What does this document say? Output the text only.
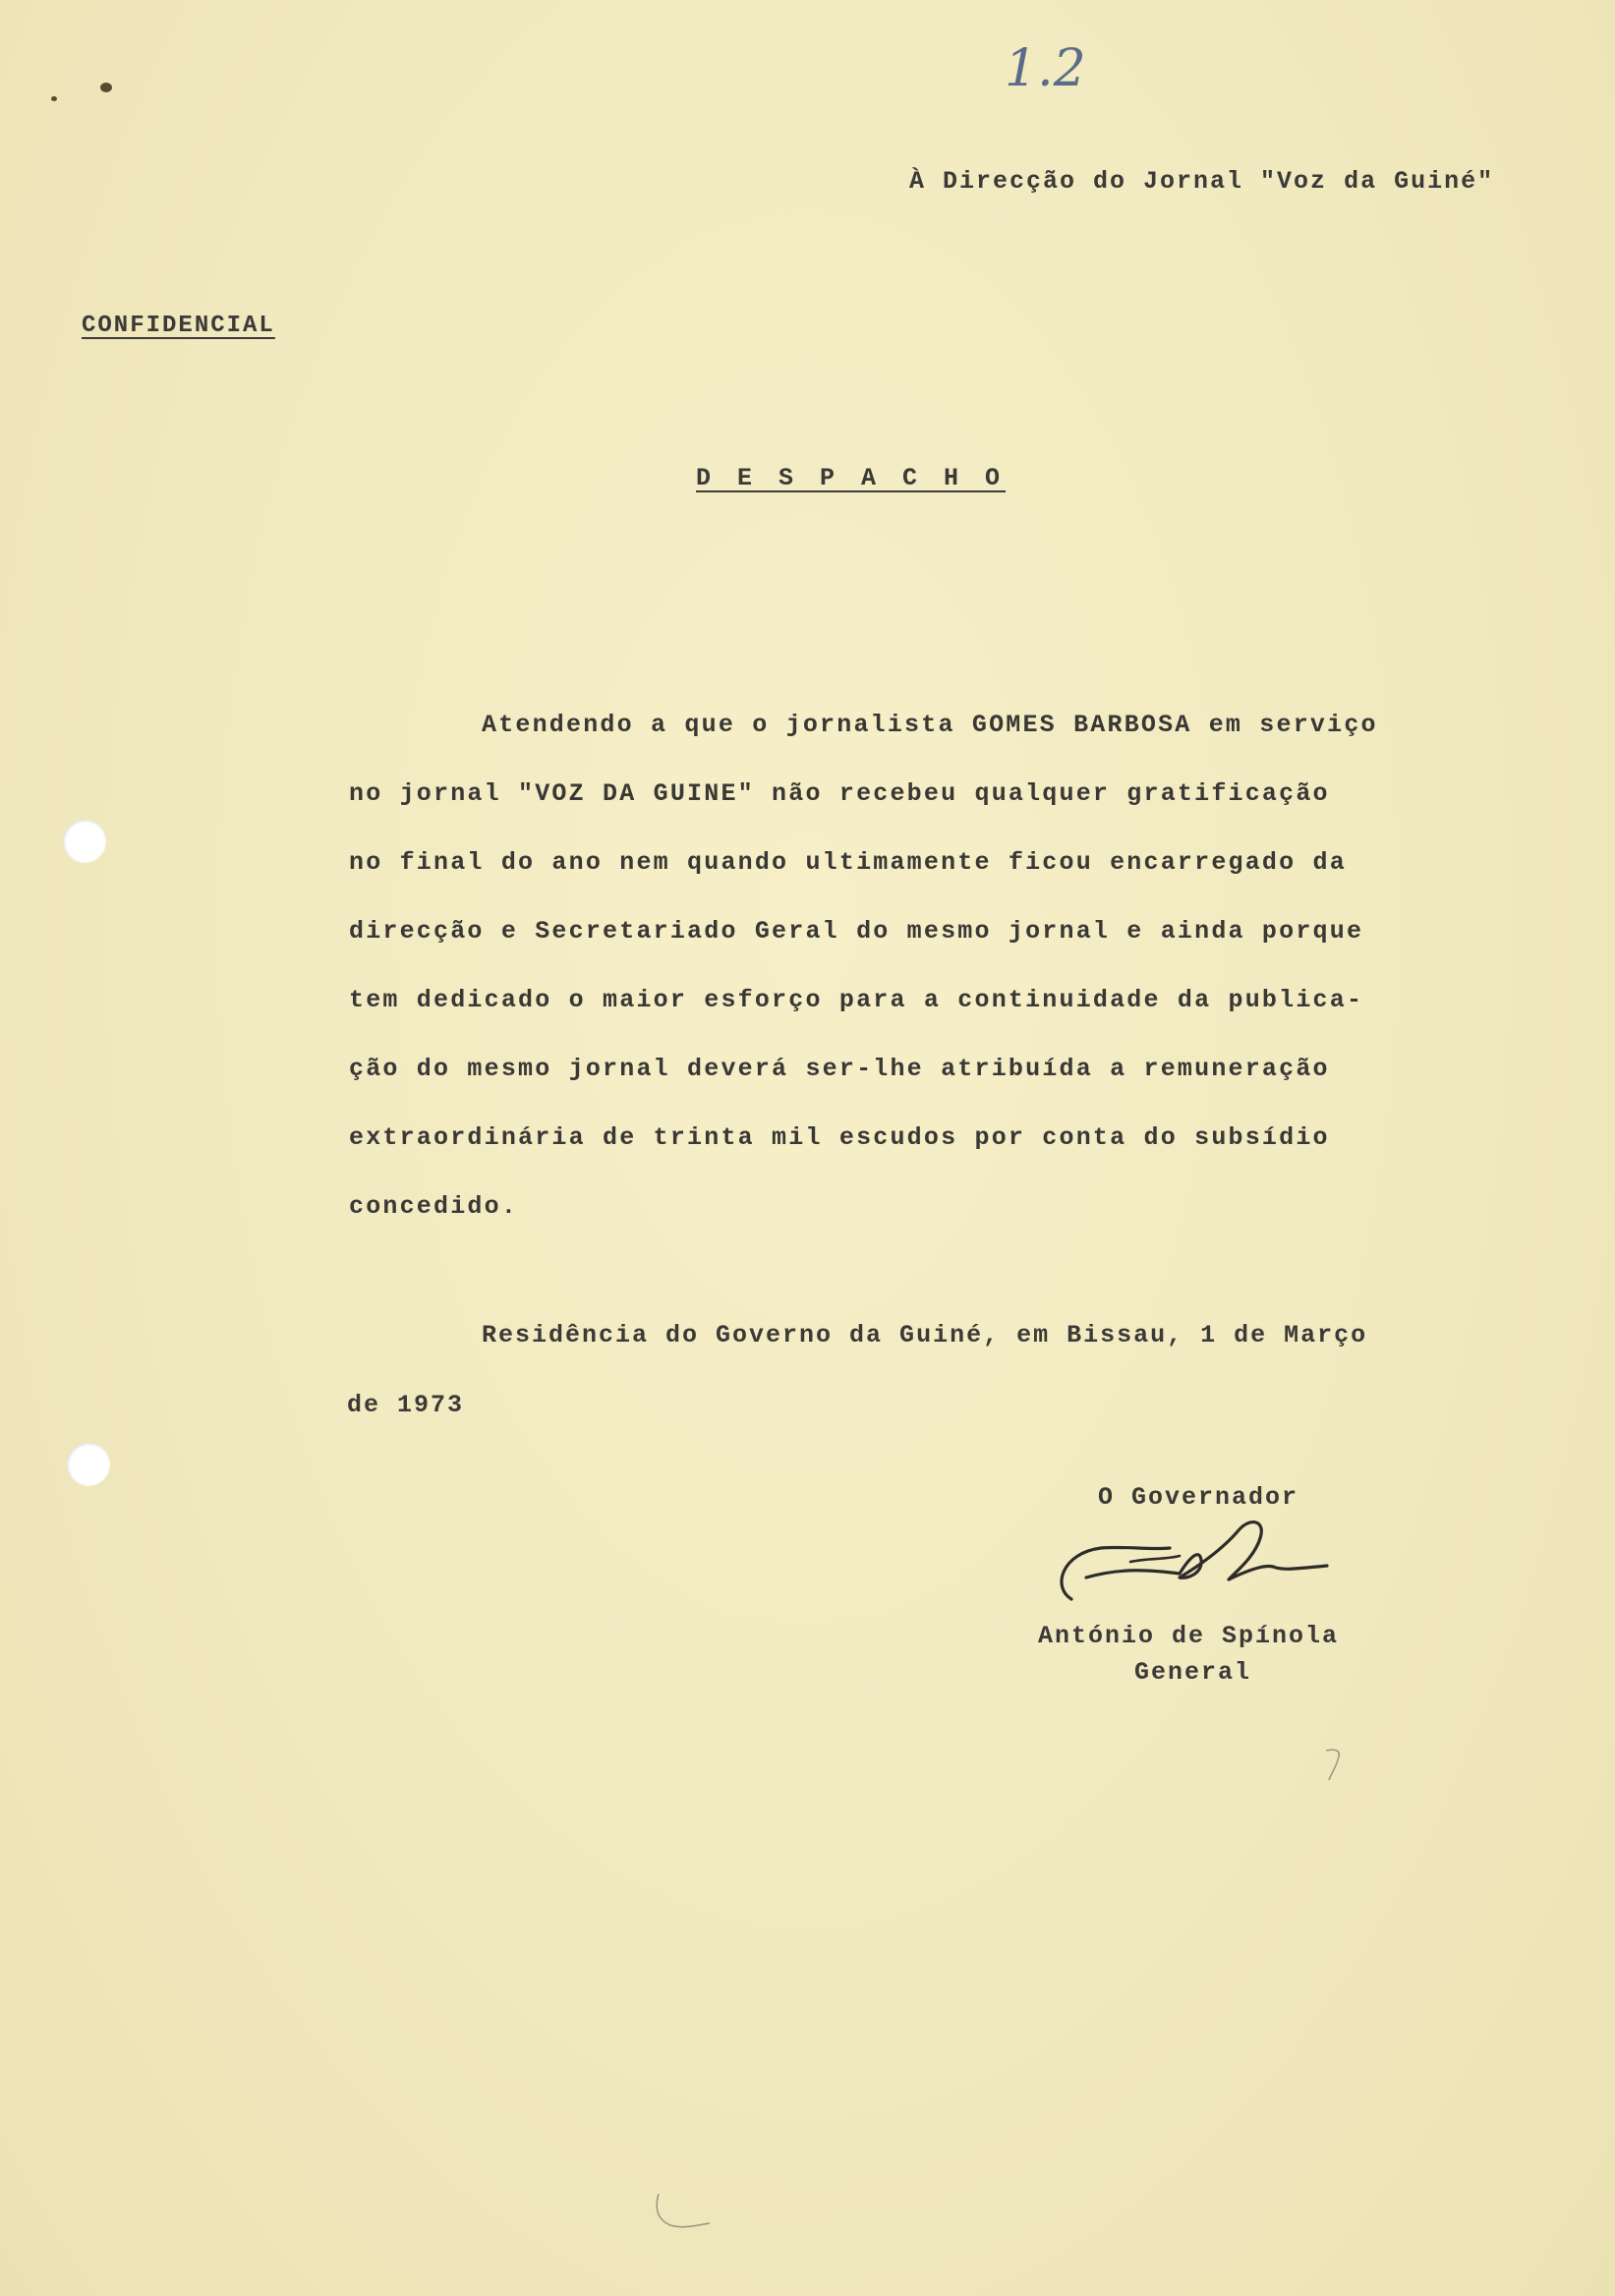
1.2
À Direcção do Jornal "Voz da Guiné"
CONFIDENCIAL
D E S P A C H O
Atendendo a que o jornalista GOMES BARBOSA em serviço
no jornal "VOZ DA GUINE" não recebeu qualquer gratificação
no final do ano nem quando ultimamente ficou encarregado da
direcção e Secretariado Geral do mesmo jornal e ainda porque
tem dedicado o maior esforço para a continuidade da publica-
ção do mesmo jornal deverá ser-lhe atribuída a remuneração
extraordinária de trinta mil escudos por conta do subsídio
concedido.
Residência do Governo da Guiné, em Bissau, 1 de Março
de 1973
O Governador
António de Spínola
General
